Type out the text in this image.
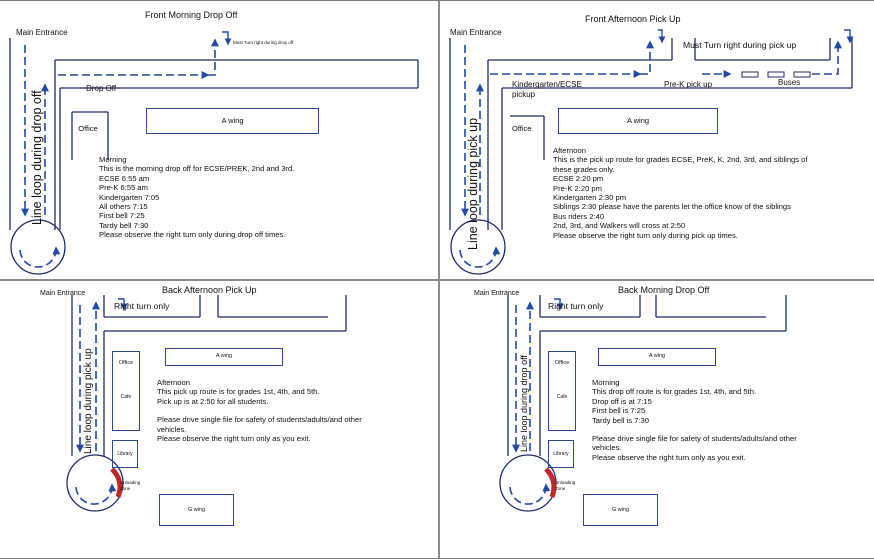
Front Morning Drop Off
Main Entrance
Must Turn right during drop off
Drop Off
Office
A wing
Line loop during drop off	Morning
This is the morning drop off for ECSE/PREK, 2nd and 3rd.
ECSE 6:55 am
Pre-K 6:55 am
Kindergarten 7:05
All others 7:15
First bell 7:25
Tardy bell 7:30
Please observe the right turn only during drop off times.
Front Afternoon Pick Up
Main Entrance
Must Turn right during pick up
Kindergarten/ECSE
pickup
Pre-K pick up	Buses
Office
A wing
Line loop during pick up	Afternoon
This is the pick up route for grades ECSE, PreK, K, 2nd, 3rd, and siblings of
these grades only.
ECSE 2:20 pm
Pre-K 2:20 pm
Kindergarten 2:30 pm
Siblings 2:30 please have the parents let the office know of the siblings
Bus riders 2:40
2nd, 3rd, and Walkers will cross at 2:50
Please observe the right turn only during pick up times.
Back Afternoon Pick Up
Main Entrance
Right turn only
Office
Cafe
Library
Unloading Zone
A wing
G wing
Line loop during pick up	Afternoon
This pick up route is for grades 1st, 4th, and 5th.
Pick up is at 2:50 for all students.
Please drive single file for safety of students/adults/and other
vehicles.
Please observe the right turn only as you exit.
Back Morning Drop Off
Main Entrance
Right turn only
Office
Cafe
Library
Unloading Zone
A wing
G wing
Line loop during drop off	Morning
This drop off route is for grades 1st, 4th, and 5th.
Drop off is at 7:15
First bell is 7:25
Tardy bell is 7:30
Please drive single file for safety of students/adults/and other
vehicles.
Please observe the right turn only as you exit.
